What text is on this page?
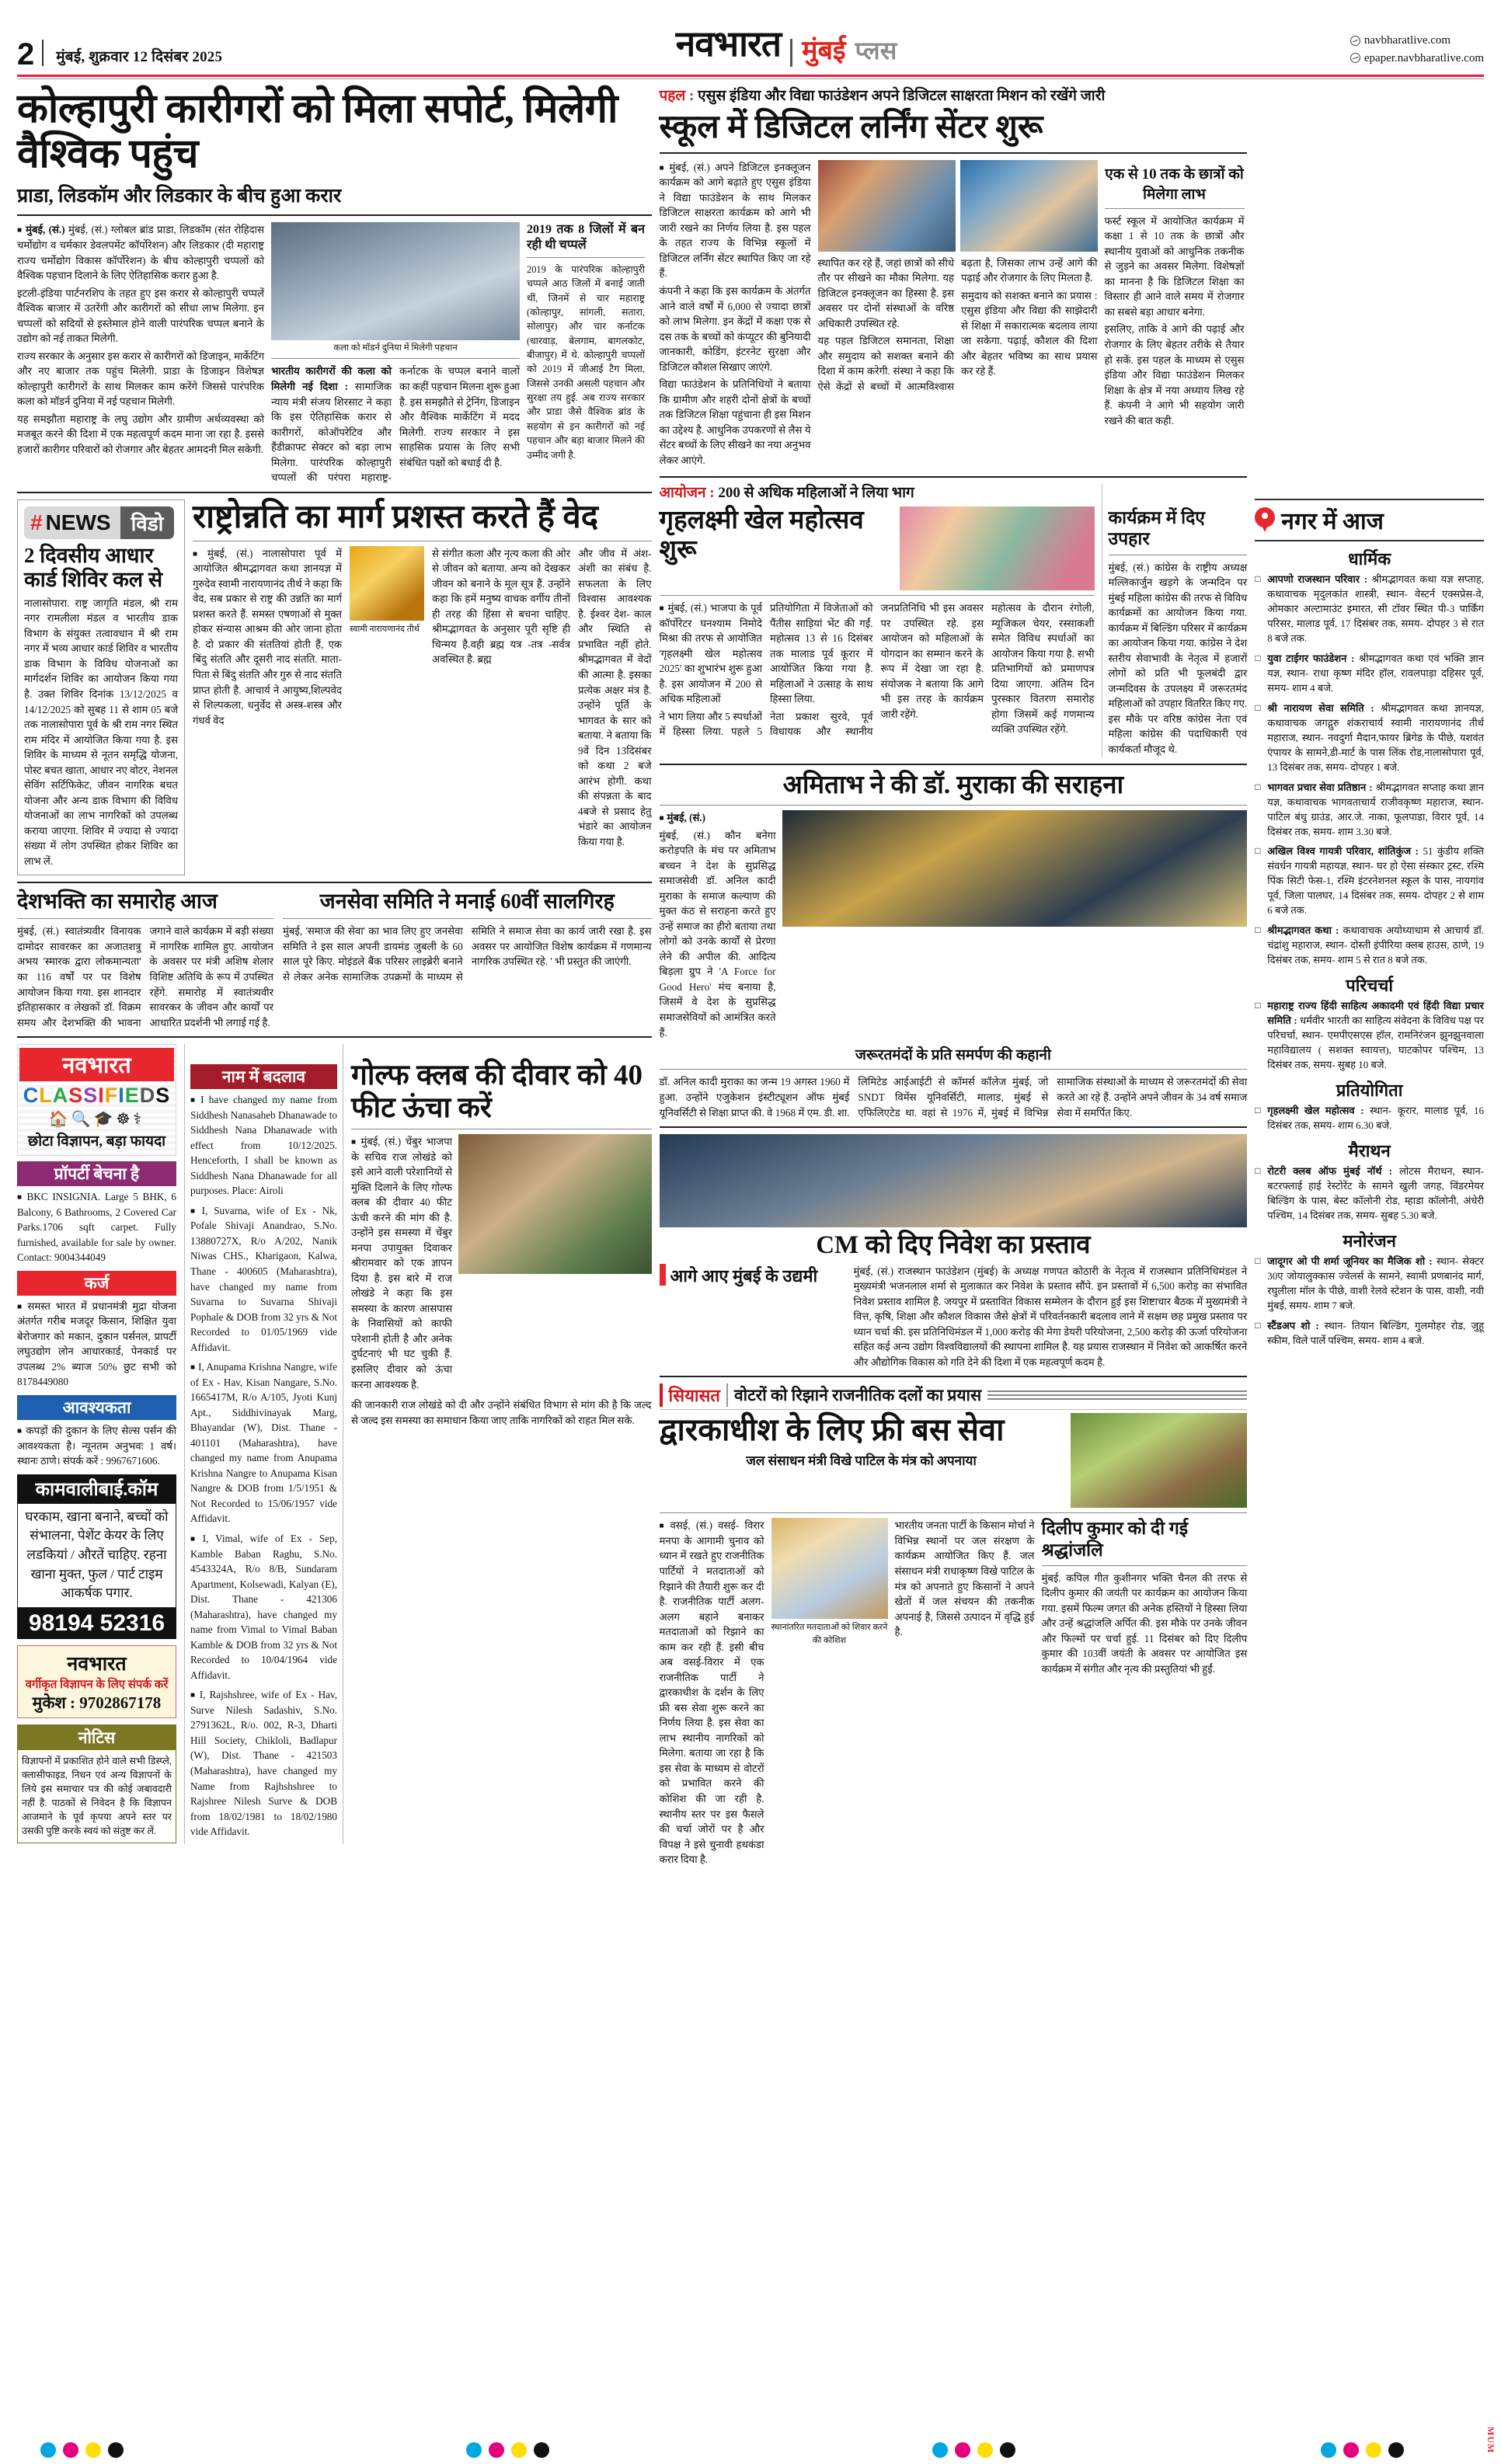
2 मुंबई, शुक्रवार 12 दिसंबर 2025	नवभारत मुंबई प्लस	navbharatlive.com
epaper.navbharatlive.com
कोल्हापुरी कारीगरों को मिला सपोर्ट, मिलेगी वैश्विक पहुंच
प्राडा, लिडकॉम और लिडकार के बीच हुआ करार

■ मुंबई, (सं.) मुंबई, (सं.) ग्लोबल ब्रांड प्राडा, लिडकॉम (संत रोहिदास चर्मोद्योग व चर्मकार डेवलपमेंट कॉर्पोरेशन) और लिडकार (दी महाराष्ट्र राज्य चर्मोद्योग विकास कॉर्पोरेशन) के बीच कोल्हापुरी चप्पलों को वैश्विक पहचान दिलाने के लिए ऐतिहासिक करार हुआ है.

इटली-इंडिया पार्टनरशिप के तहत हुए इस करार से कोल्हापुरी चप्पलें वैश्विक बाजार में उतरेंगी और कारीगरों को सीधा लाभ मिलेगा. इन चप्पलों को सदियों से इस्तेमाल होने वाली पारंपरिक चप्पल बनाने के उद्योग को नई ताकत मिलेगी.

राज्य सरकार के अनुसार इस करार से कारीगरों को डिजाइन, मार्केटिंग और नए बाजार तक पहुंच मिलेगी. प्राडा के डिजाइन विशेषज्ञ कोल्हापुरी कारीगरों के साथ मिलकर काम करेंगे जिससे पारंपरिक कला को मॉडर्न दुनिया में नई पहचान मिलेगी.

यह समझौता महाराष्ट्र के लघु उद्योग और ग्रामीण अर्थव्यवस्था को मजबूत करने की दिशा में एक महत्वपूर्ण कदम माना जा रहा है. इससे हजारों कारीगर परिवारों को रोजगार और बेहतर आमदनी मिल सकेगी.

कला को मॉडर्न दुनिया में मिलेगी पहचान

भारतीय कारीगरों की कला को मिलेगी नई दिशा : सामाजिक न्याय मंत्री संजय शिरसाट ने कहा कि इस ऐतिहासिक करार से कारीगरों, कोऑपरेटिव और हैंडीक्राफ्ट सेक्टर को बड़ा लाभ मिलेगा. पारंपरिक कोल्हापुरी चप्पलों की परंपरा महाराष्ट्र- कर्नाटक के चप्पल बनाने वालों का कहीं पहचान मिलना शुरू हुआ है. इस समझौते से ट्रेनिंग, डिजाइन और वैश्विक मार्केटिंग में मदद मिलेगी. राज्य सरकार ने इस साहसिक प्रयास के लिए सभी संबंधित पक्षों को बधाई दी है.

2019 तक 8 जिलों में बन रही थी चप्पलें
2019 के पारंपरिक कोल्हापुरी चप्पले आठ जिलों में बनाई जाती थीं, जिनमें से चार महाराष्ट्र (कोल्हापुर, सांगली, सतारा, सोलापुर) और चार कर्नाटक (धारवाड़, बेलगाम, बागलकोट, बीजापुर) में थे. कोल्हापुरी चप्पलों को 2019 में जीआई टैग मिला, जिससे उनकी असली पहचान और सुरक्षा तय हुई. अब राज्य सरकार और प्राडा जैसे वैश्विक ब्रांड के सहयोग से इन कारीगरों को नई पहचान और बड़ा बाजार मिलने की उम्मीद जगी है.
# NEWS	विडो
2 दिवसीय आधार कार्ड शिविर कल से
नालासोपारा. राष्ट्र जागृति मंडल, श्री राम नगर रामलीला मंडल व भारतीय डाक विभाग के संयुक्त तत्वावधान में श्री राम नगर में भव्य आधार कार्ड शिविर व भारतीय डाक विभाग के विविध योजनाओं का मार्गदर्शन शिविर का आयोजन किया गया है. उक्त शिविर दिनांक 13/12/2025 व 14/12/2025 को सुबह 11 से शाम 05 बजे तक नालासोपारा पूर्व के श्री राम नगर स्थित राम मंदिर में आयोजित किया गया है. इस शिविर के माध्यम से नूतन समृद्धि योजना, पोस्ट बचत खाता, आधार नए वोटर, नेशनल सेविंग सर्टिफिकेट, जीवन नागरिक बचत योजना और अन्य डाक विभाग की विविध योजनाओं का लाभ नागरिकों को उपलब्ध कराया जाएगा. शिविर में ज्यादा से ज्यादा संख्या में लोग उपस्थित होकर शिविर का लाभ लें.
राष्ट्रोन्नति का मार्ग प्रशस्त करते हैं वेद

■ मुंबई, (सं.) नालासोपारा पूर्व में आयोजित श्रीमद्भागवत कथा ज्ञानयज्ञ में गुरुदेव स्वामी नारायणानंद तीर्थ ने कहा कि वेद, सब प्रकार से राष्ट्र की उन्नति का मार्ग प्रशस्त करते हैं. समस्त एषणाओं से मुक्त होकर संन्यास आश्रम की ओर जाना होता है. दो प्रकार की संततियां होती हैं, एक बिंदु संतति और दूसरी नाद संतति. माता-पिता से बिंदु संतति और गुरु से नाद संतति प्राप्त होती है. आचार्य ने आयुष्य,शिल्पवेद से शिल्पकला, धनुर्वेद से अस्त्र-शस्त्र और गंधर्व वेद

स्वामी नारायणानंद तीर्थ

से संगीत कला और नृत्य कला की ओर से जीवन को बताया. अन्य को देखकर जीवन को बनाने के मूल सूत्र हैं. उन्होंने कहा कि हमें मनुष्य वाचक वर्गीय तीनों ही तरह की हिंसा से बचना चाहिए. श्रीमद्भागवत के अनुसार पूरी सृष्टि ही चिन्मय है.वही ब्रह्म यत्र -तत्र -सर्वत्र अवस्थित है. ब्रह्म

और जीव में अंश-अंशी का संबंध है. सफलता के लिए विश्वास आवश्यक है. ईश्वर देश- काल और स्थिति से प्रभावित नहीं होते. श्रीमद्भागवत में वेदों की आत्मा है. इसका प्रत्येक अक्षर मंत्र है. उन्होंने पूर्ति के भागवत के सार को बताया. ने बताया कि 9वें दिन 13दिसंबर को कथा 2 बजे आरंभ होगी. कथा की संपन्नता के बाद 4बजे से प्रसाद हेतु भंडारे का आयोजन किया गया है.

देशभक्ति का समारोह आज
मुंबई, (सं.) स्वातंत्र्यवीर विनायक दामोदर सावरकर का अजातशत्रु अभय 'स्मारक द्वारा लोकमान्यता' का 116 वर्षों पर पर विशेष आयोजन किया गया. इस शानदार इतिहासकार व लेखकों डॉ. विक्रम समय और देशभक्ति की भावना जगाने वाले कार्यक्रम में बड़ी संख्या में नागरिक शामिल हुए. आयोजन के अवसर पर मंत्री अशिष शेलार विशिष्ट अतिथि के रूप में उपस्थित रहेंगे. समारोह में स्वातंत्र्यवीर सावरकर के जीवन और कार्यों पर आधारित प्रदर्शनी भी लगाई गई है.
जनसेवा समिति ने मनाई 60वीं सालगिरह
मुंबई, 'समाज की सेवा' का भाव लिए हुए जनसेवा समिति ने इस साल अपनी डायमंड जुबली के 60 साल पूरे किए. मोइंडले बैंक परिसर लाइब्रेरी बनाने से लेकर अनेक सामाजिक उपक्रमों के माध्यम से समिति ने समाज सेवा का कार्य जारी रखा है. इस अवसर पर आयोजित विशेष कार्यक्रम में गणमान्य नागरिक उपस्थित रहे. ' भी प्रस्तुत की जाएंगी.
नवभारत
CLASSIFIEDS
🏠🔍🎓☸⚕
छोटा विज्ञापन, बड़ा फायदा
प्रॉपर्टी बेचना है
■ BKC INSIGNIA. Large 5 BHK, 6 Balcony, 6 Bathrooms, 2 Covered Car Parks.1706 sqft carpet. Fully furnished, available for sale by owner. Contact: 9004344049
कर्ज
■ समस्त भारत में प्रधानमंत्री मुद्रा योजना अंतर्गत गरीब मजदूर किसान, शिक्षित युवा बेरोजगार को मकान, दुकान पर्सनल, प्रापर्टी लघुउद्योग लोन आधारकार्ड, पेनकार्ड पर उपलब्ध 2% ब्याज 50% छुट सभी को 8178449080
आवश्यकता
■ कपड़ों की दुकान के लिए सेल्स पर्सन की आवश्यकता है। न्यूनतम अनुभवः 1 वर्ष। स्थानः ठाणे। संपर्क करें : 9967671606.
कामवालीबाई.कॉम
घरकाम, खाना बनाने, बच्चों को संभालना, पेशेंट केयर के लिए लडकियां / औरतें चाहिए. रहना खाना मुक्त, फुल / पार्ट टाइम आकर्षक पगार.
98194 52316
नवभारत
वर्गीकृत विज्ञापन के लिए संपर्क करें
मुकेश : 9702867178
नोटिस
विज्ञापनों में प्रकाशित होने वाले सभी डिस्प्ले, क्लासीफाइड, निधन एवं अन्य विज्ञापनों के लिये इस समाचार पत्र की कोई जबावदारी नहीं है. पाठकों से निवेदन है कि विज्ञापन आजमाने के पूर्व कृपया अपने स्तर पर उसकी पुष्टि करके स्वयं को संतुष्ट कर लें.
नाम में बदलाव
■ I have changed my name from Siddhesh Nanasaheb Dhanawade to Siddhesh Nana Dhanawade with effect from 10/12/2025. Henceforth, I shall be known as Siddhesh Nana Dhanawade for all purposes. Place: Airoli
■ I, Suvarna, wife of Ex - Nk, Pofale Shivaji Anandrao, S.No. 13880727X, R/o A/202, Nanik Niwas CHS., Kharigaon, Kalwa, Thane - 400605 (Maharashtra), have changed my name from Suvarna to Suvarna Shivaji Pophale & DOB from 32 yrs & Not Recorded to 01/05/1969 vide Affidavit.
■ I, Anupama Krishna Nangre, wife of Ex - Hav, Kisan Nangare, S.No. 1665417M, R/o A/105, Jyoti Kunj Apt., Siddhivinayak Marg, Bhayandar (W), Dist. Thane - 401101 (Maharashtra), have changed my name from Anupama Krishna Nangre to Anupama Kisan Nangre & DOB from 1/5/1951 & Not Recorded to 15/06/1957 vide Affidavit.
■ I, Vimal, wife of Ex - Sep, Kamble Baban Raghu, S.No. 4543324A, R/o 8/B, Sundaram Apartment, Kolsewadi, Kalyan (E), Dist. Thane - 421306 (Maharashtra), have changed my name from Vimal to Vimal Baban Kamble & DOB from 32 yrs & Not Recorded to 10/04/1964 vide Affidavit.
■ I, Rajshshree, wife of Ex - Hav, Surve Nilesh Sadashiv, S.No. 2791362L, R/o. 002, R-3, Dharti Hill Society, Chikloli, Badlapur (W), Dist. Thane - 421503 (Maharashtra), have changed my Name from Rajhshshree to Rajshree Nilesh Surve & DOB from 18/02/1981 to 18/02/1980 vide Affidavit.
गोल्फ क्लब की दीवार को 40 फीट ऊंचा करें

■ मुंबई, (सं.) चेंबुर भाजपा के सचिव राज लोखंडे को इसे आने वाली परेशानियों से मुक्ति दिलाने के लिए गोल्फ क्लब की दीवार 40 फीट ऊंची करने की मांग की है. उन्होंने इस समस्या में चेंबुर मनपा उपायुक्त दिवाकर श्रीरामवार को एक ज्ञापन दिया है. इस बारे में राज लोखंडे ने कहा कि इस समस्या के कारण आसपास के निवासियों को काफी परेशानी होती है और अनेक दुर्घटनाएं भी घट चुकी हैं. इसलिए दीवार को ऊंचा करना आवश्यक है.

की जानकारी राज लोखंडे को दी और उन्होंने संबंधित विभाग से मांग की है कि जल्द से जल्द इस समस्या का समाधान किया जाए ताकि नागरिकों को राहत मिल सके.
पहल : एसुस इंडिया और विद्या फाउंडेशन अपने डिजिटल साक्षरता मिशन को रखेंगे जारी
स्कूल में डिजिटल लर्निंग सेंटर शुरू

■ मुंबई, (सं.) अपने डिजिटल इनक्लूजन कार्यक्रम को आगे बढ़ाते हुए एसुस इंडिया ने विद्या फाउंडेशन के साथ मिलकर डिजिटल साक्षरता कार्यक्रम को आगे भी जारी रखने का निर्णय लिया है. इस पहल के तहत राज्य के विभिन्न स्कूलों में डिजिटल लर्निंग सेंटर स्थापित किए जा रहे हैं.

कंपनी ने कहा कि इस कार्यक्रम के अंतर्गत आने वाले वर्षों में 6,000 से ज्यादा छात्रों को लाभ मिलेगा. इन केंद्रों में कक्षा एक से दस तक के बच्चों को कंप्यूटर की बुनियादी जानकारी, कोडिंग, इंटरनेट सुरक्षा और डिजिटल कौशल सिखाए जाएंगे.

विद्या फाउंडेशन के प्रतिनिधियों ने बताया कि ग्रामीण और शहरी दोनों क्षेत्रों के बच्चों तक डिजिटल शिक्षा पहुंचाना ही इस मिशन का उद्देश्य है. आधुनिक उपकरणों से लैस ये सेंटर बच्चों के लिए सीखने का नया अनुभव लेकर आएंगे.

स्थापित कर रहे हैं, जहां छात्रों को सीधे तौर पर सीखने का मौका मिलेगा. यह डिजिटल इनक्लूजन का हिस्सा है. इस अवसर पर दोनों संस्थाओं के वरिष्ठ अधिकारी उपस्थित रहे.

यह पहल डिजिटल समानता, शिक्षा और समुदाय को सशक्त बनाने की दिशा में काम करेगी. संस्था ने कहा कि ऐसे केंद्रों से बच्चों में आत्मविश्वास बढ़ता है, जिसका लाभ उन्हें आगे की पढ़ाई और रोजगार के लिए मिलता है.

समुदाय को सशक्त बनाने का प्रयास : एसुस इंडिया और विद्या की साझेदारी से शिक्षा में सकारात्मक बदलाव लाया जा सकेगा. पढ़ाई, कौशल की दिशा और बेहतर भविष्य का साथ प्रयास कर रहे हैं.

एक से 10 तक के छात्रों को मिलेगा लाभ

फर्स्ट स्कूल में आयोजित कार्यक्रम में कक्षा 1 से 10 तक के छात्रों और स्थानीय युवाओं को आधुनिक तकनीक से जुड़ने का अवसर मिलेगा. विशेषज्ञों का मानना है कि डिजिटल शिक्षा का विस्तार ही आने वाले समय में रोजगार का सबसे बड़ा आधार बनेगा.

इसलिए, ताकि वे आगे की पढ़ाई और रोजगार के लिए बेहतर तरीके से तैयार हो सकें. इस पहल के माध्यम से एसुस इंडिया और विद्या फाउंडेशन मिलकर शिक्षा के क्षेत्र में नया अध्याय लिख रहे हैं. कंपनी ने आगे भी सहयोग जारी रखने की बात कही.

आयोजन : 200 से अधिक महिलाओं ने लिया भाग
गृहलक्ष्मी खेल महोत्सव शुरू

■ मुंबई, (सं.) भाजपा के पूर्व कॉर्पोरेटर घनश्याम निमोदे मिश्रा की तरफ से आयोजित 'गृहलक्ष्मी खेल महोत्सव 2025' का शुभारंभ शुरू हुआ है. इस आयोजन में 200 से अधिक महिलाओं

ने भाग लिया और 5 स्पर्धाओं में हिस्सा लिया. पहले 5 प्रतियोगिता में विजेताओं को पैंतीस साड़ियां भेंट की गईं. महोत्सव 13 से 16 दिसंबर तक मालाड पूर्व कूरार में आयोजित किया गया है. महिलाओं ने उत्साह के साथ हिस्सा लिया.

नेता प्रकाश सुरवे, पूर्व विधायक और स्थानीय जनप्रतिनिधि भी इस अवसर पर उपस्थित रहे. इस आयोजन को महिलाओं के योगदान का सम्मान करने के रूप में देखा जा रहा है. संयोजक ने बताया कि आगे भी इस तरह के कार्यक्रम जारी रहेंगे.

महोत्सव के दौरान रंगोली, म्यूजिकल चेयर, रस्साकशी समेत विविध स्पर्धाओं का आयोजन किया गया है. सभी प्रतिभागियों को प्रमाणपत्र दिया जाएगा. अंतिम दिन पुरस्कार वितरण समारोह होगा जिसमें कई गणमान्य व्यक्ति उपस्थित रहेंगे.

कार्यक्रम में दिए उपहार
मुंबई, (सं.) कांग्रेस के राष्ट्रीय अध्यक्ष मल्लिकार्जुन खड़गे के जन्मदिन पर मुंबई महिला कांग्रेस की तरफ से विविध कार्यक्रमों का आयोजन किया गया. कार्यक्रम में बिल्डिंग परिसर में कार्यक्रम का आयोजन किया गया. कांग्रेस ने देश स्तरीय सेवाभावी के नेतृत्व में हजारों लोगों को प्रति भी फूलबंदी द्वार जन्मदिवस के उपलक्ष्य में जरूरतमंद महिलाओं को उपहार वितरित किए गए. इस मौके पर वरिष्ठ कांग्रेस नेता एवं महिला कांग्रेस की पदाधिकारी एवं कार्यकर्ता मौजूद थे.
अमिताभ ने की डॉ. मुराका की सराहना

■ मुंबई, (सं.)

मुंबई, (सं.) कौन बनेगा करोड़पति के मंच पर अमिताभ बच्चन ने देश के सुप्रसिद्ध समाजसेवी डॉ. अनिल कादी मुराका के समाज कल्याण की मुक्त कंठ से सराहना करते हुए उन्हें समाज का हीरो बताया तथा लोगों को उनके कार्यों से प्रेरणा लेने की अपील की. आदित्य बिड़ला ग्रुप ने 'A Force for Good Hero' मंच बनाया है, जिसमें वे देश के सुप्रसिद्ध समाजसेवियों को आमंत्रित करते हैं.

जरूरतमंदों के प्रति समर्पण की कहानी
डॉ. अनिल कादी मुराका का जन्म 19 अगस्त 1960 में हुआ. उन्होंने एजुकेशन इंस्टीट्यूशन ऑफ मुंबई यूनिवर्सिटी से शिक्षा प्राप्त की. वे 1968 में एम. डी. शा. लिमिटेड आईआईटी से कॉमर्स कॉलेज मुंबई, जो SNDT विमेंस यूनिवर्सिटी, मालाड, मुंबई से एफिलिएटेड था. वहां से 1976 में, मुंबई में विभिन्न सामाजिक संस्थाओं के माध्यम से जरूरतमंदों की सेवा करते आ रहे हैं. उन्होंने अपने जीवन के 34 वर्ष समाज सेवा में समर्पित किए.
CM को दिए निवेश का प्रस्ताव
आगे आए मुंबई के उद्यमी	मुंबई, (सं.) राजस्थान फाउंडेशन (मुंबई) के अध्यक्ष गणपत कोठारी के नेतृत्व में राजस्थान प्रतिनिधिमंडल ने मुख्यमंत्री भजनलाल शर्मा से मुलाकात कर निवेश के प्रस्ताव सौंपे. इन प्रस्तावों में 6,500 करोड़ का संभावित निवेश प्रस्ताव शामिल है. जयपुर में प्रस्तावित विकास सम्मेलन के दौरान हुई इस शिष्टाचार बैठक में मुख्यमंत्री ने वित्त, कृषि, शिक्षा और कौशल विकास जैसे क्षेत्रों में परिवर्तनकारी बदलाव लाने में सक्षम छह प्रमुख प्रस्ताव पर ध्यान चर्चा की. इस प्रतिनिधिमंडल में 1,000 करोड़ की मेगा डेयरी परियोजना, 2,500 करोड़ की ऊर्जा परियोजना सहित कई अन्य उद्योग विश्वविद्यालयों की स्थापना शामिल है. यह प्रयास राजस्थान में निवेश को आकर्षित करने और औद्योगिक विकास को गति देने की दिशा में एक महत्वपूर्ण कदम है.
सियासत वोटरों को रिझाने राजनीतिक दलों का प्रयास
द्वारकाधीश के लिए फ्री बस सेवा
जल संसाधन मंत्री विखे पाटिल के मंत्र को अपनाया

■ वसई, (सं.) वसई- विरार मनपा के आगामी चुनाव को ध्यान में रखते हुए राजनीतिक पार्टियों ने मतदाताओं को रिझाने की तैयारी शुरू कर दी है. राजनीतिक पार्टी अलग-अलग बहाने बनाकर मतदाताओं को रिझाने का काम कर रही हैं. इसी बीच अब वसई-विरार में एक राजनीतिक पार्टी ने द्वारकाधीश के दर्शन के लिए फ्री बस सेवा शुरू करने का निर्णय लिया है. इस सेवा का लाभ स्थानीय नागरिकों को मिलेगा. बताया जा रहा है कि इस सेवा के माध्यम से वोटरों को प्रभावित करने की कोशिश की जा रही है. स्थानीय स्तर पर इस फैसले की चर्चा जोरों पर है और विपक्ष ने इसे चुनावी हथकंडा करार दिया है.

स्थानांतरित मतदाताओं को शिवार करने की कोशिश

भारतीय जनता पार्टी के किसान मोर्चा ने विभिन्न स्थानों पर जल संरक्षण के कार्यक्रम आयोजित किए हैं. जल संसाधन मंत्री राधाकृष्ण विखे पाटिल के मंत्र को अपनाते हुए किसानों ने अपने खेतों में जल संचयन की तकनीक अपनाई है, जिससे उत्पादन में वृद्धि हुई है.

दिलीप कुमार को दी गई श्रद्धांजलि
मुंबई. कपिल गीत कुशीनगर भक्ति चैनल की तरफ से दिलीप कुमार की जयंती पर कार्यक्रम का आयोजन किया गया. इसमें फिल्म जगत की अनेक हस्तियों ने हिस्सा लिया और उन्हें श्रद्धांजलि अर्पित की. इस मौके पर उनके जीवन और फिल्मों पर चर्चा हुई. 11 दिसंबर को दिए दिलीप कुमार की 103वीं जयंती के अवसर पर आयोजित इस कार्यक्रम में संगीत और नृत्य की प्रस्तुतियां भी हुईं.
नगर में आज
धार्मिक
□ आपणो राजस्थान परिवार : श्रीमद्भागवत कथा यज्ञ सप्ताह, कथावाचक मृदुलकांत शास्त्री, स्थान- वेस्टर्न एक्सप्रेस-वे, ओमकार अल्टामाउंट इमारत, सी टॉवर स्थित पी-3 पार्किंग परिसर, मालाड पूर्व, 17 दिसंबर तक, समय- दोपहर 3 से रात 8 बजे तक.
□ युवा टाईगर फाउंडेशन : श्रीमद्भागवत कथा एवं भक्ति ज्ञान यज्ञ, स्थान- राधा कृष्ण मंदिर हॉल, रावलपाड़ा दहिसर पूर्व, समय- शाम 4 बजे.
□ श्री नारायण सेवा समिति : श्रीमद्भागवत कथा ज्ञानयज्ञ, कथावाचक जगद्गुरु शंकराचार्य स्वामी नारायणानंद तीर्थ महाराज, स्थान- नवदुर्गा मैदान,फायर ब्रिगेड के पीछे, यशवंत एंपायर के सामने,डी-मार्ट के पास लिंक रोड,नालासोपारा पूर्व, 13 दिसंबर तक, समय- दोपहर 1 बजे.
□ भागवत प्रचार सेवा प्रतिष्ठान : श्रीमद्भागवत सप्ताह कथा ज्ञान यज्ञ, कथावाचक भागवताचार्य राजीवकृष्ण महाराज, स्थान- पाटिल बंधु ग्राउंड, आर.जे. नाका, फूलपाडा, विरार पूर्व, 14 दिसंबर तक, समय- शाम 3.30 बजे.
□ अखिल विश्व गायत्री परिवार, शांतिकुंज : 51 कुंडीय शक्ति संवर्धन गायत्री महायज्ञ, स्थान- घर हो ऐसा संस्कार ट्रस्ट, रश्मि पिंक सिटी फेस-1, रश्मि इंटरनेशनल स्कूल के पास, नायगांव पूर्व, जिला पालघर, 14 दिसंबर तक, समय- दोपहर 2 से शाम 6 बजे तक.
□ श्रीमद्भागवत कथा : कथावाचक अयोध्याधाम से आचार्य डॉ. चंद्रांशु महाराज, स्थान- दोस्ती इंपीरिया क्लब हाउस, ठाणे, 19 दिसंबर तक, समय- शाम 5 से रात 8 बजे तक.
परिचर्चा
□ महाराष्ट्र राज्य हिंदी साहित्य अकादमी एवं हिंदी विद्या प्रचार समिति : धर्मवीर भारती का साहित्य संवेदना के विविध पक्ष पर परिचर्चा, स्थान- एमपीएसएस हॉल, रामनिरंजन झुनझुनवाला महाविद्यालय ( सशक्त स्वायत्त), घाटकोपर पश्चिम, 13 दिसंबर तक, समय- सुबह 10 बजे.
प्रतियोगिता
□ गृहलक्ष्मी खेल महोत्सव : स्थान- कूरार, मालाड पूर्व, 16 दिसंबर तक, समय- शाम 6.30 बजे.
मैराथन
□ रोटरी क्लब ऑफ मुंबई नॉर्थ : लोटस मैराथन, स्थान- बटरफ्लाई हाई रेस्टोरेंट के सामने खुली जगह, विंडरमेयर बिल्डिंग के पास, बेस्ट कॉलोनी रोड, म्हाडा कॉलोनी, अंधेरी पश्चिम, 14 दिसंबर तक, समय- सुबह 5.30 बजे.
मनोरंजन
□ जादूगर ओ पी शर्मा जूनियर का मैजिक शो : स्थान- सेक्टर 30ए जोयालुक्कास ज्वेलर्स के सामने, स्वामी प्रणबानंद मार्ग, रघुलीला मॉल के पीछे, वाशी रेलवे स्टेशन के पास, वाशी, नवी मुंबई, समय- शाम 7 बजे.
□ स्टैंडअप शो : स्थान- तियान बिल्डिंग, गुलमोहर रोड, जुहू स्कीम, विले पार्ले पश्चिम, समय- शाम 4 बजे.
MUM
